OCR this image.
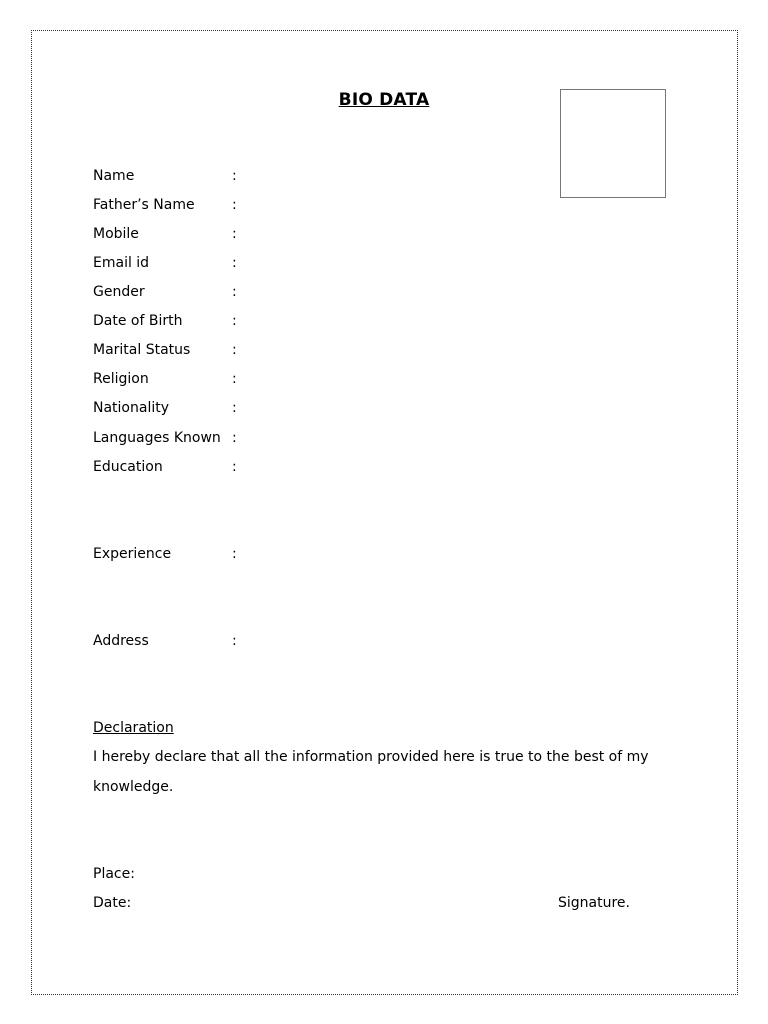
BIO DATA
Name	:
Father’s Name	:
Mobile	:
Email id	:
Gender	:
Date of Birth	:
Marital Status	:
Religion	:
Nationality	:
Languages Known :
Education	:
Experience	:
Address	:
Declaration
I hereby declare that all the information provided here is true to the best of my
knowledge.
Place:
Date:	Signature.
